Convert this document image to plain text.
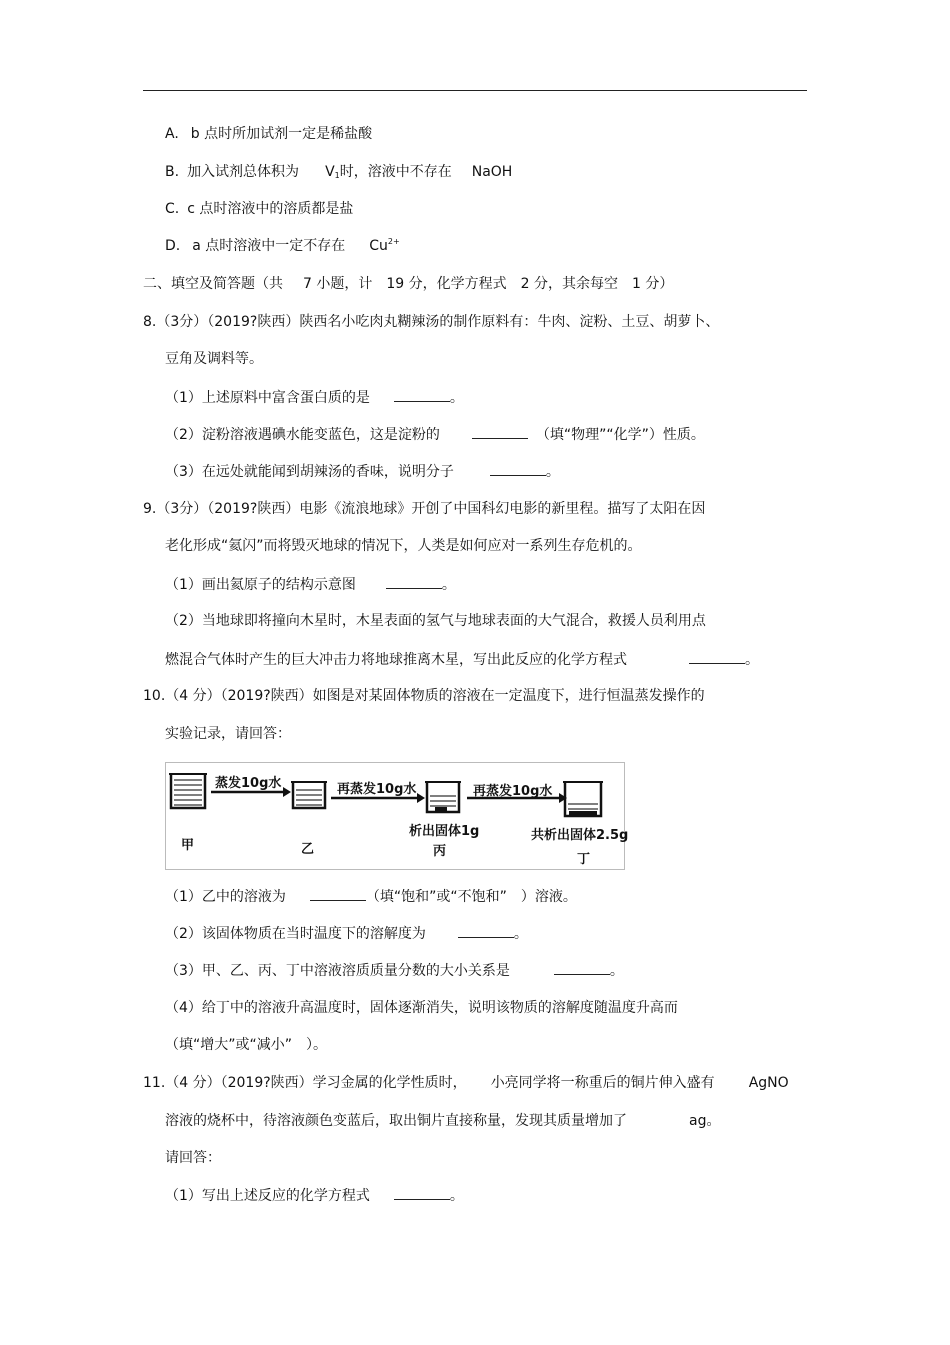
A. b 点时所加试剂一定是稀盐酸
B. 加入试剂总体积为 $V_1$时，溶液中不存在 NaOH
C. c 点时溶液中的溶质都是盐
D. a 点时溶液中一定不存在 $Cu^{2+}$
二、填空及简答题（共 7 小题，计 19 分，化学方程式 2 分，其余每空 1 分）
8.（3分）（2019?陕西）陕西名小吃肉丸糊辣汤的制作原料有：牛肉、淀粉、土豆、胡萝卜、
豆角及调料等。
（1）上述原料中富含蛋白质的是	。
（2）淀粉溶液遇碘水能变蓝色，这是淀粉的	（填“物理”“化学”）性质。
（3）在远处就能闻到胡辣汤的香味，说明分子	。
9.（3分）（2019?陕西）电影《流浪地球》开创了中国科幻电影的新里程。描写了太阳在因
老化形成“氦闪”而将毁灭地球的情况下，人类是如何应对一系列生存危机的。
（1）画出氦原子的结构示意图	。
（2）当地球即将撞向木星时，木星表面的氢气与地球表面的大气混合，救援人员利用点
燃混合气体时产生的巨大冲击力将地球推离木星，写出此反应的化学方程式	。
10.（4 分）（2019?陕西）如图是对某固体物质的溶液在一定温度下，进行恒温蒸发操作的
实验记录，请回答：
蒸发10g水	再蒸发10g水	再蒸发10g水
析出固体1g	共析出固体2.5g
甲	乙	丙
丁
（1）乙中的溶液为	（填“饱和”或“不饱和”　）溶液。
（2）该固体物质在当时温度下的溶解度为	。
（3）甲、乙、丙、丁中溶液溶质质量分数的大小关系是	。
（4）给丁中的溶液升高温度时，固体逐渐消失，说明该物质的溶解度随温度升高而
（填“增大”或“减小”　）。
11.（4 分）（2019?陕西）学习金属的化学性质时， 小亮同学将一称重后的铜片伸入盛有 AgNO
溶液的烧杯中，待溶液颜色变蓝后，取出铜片直接称量，发现其质量增加了	ag。
请回答：
（1）写出上述反应的化学方程式	。
